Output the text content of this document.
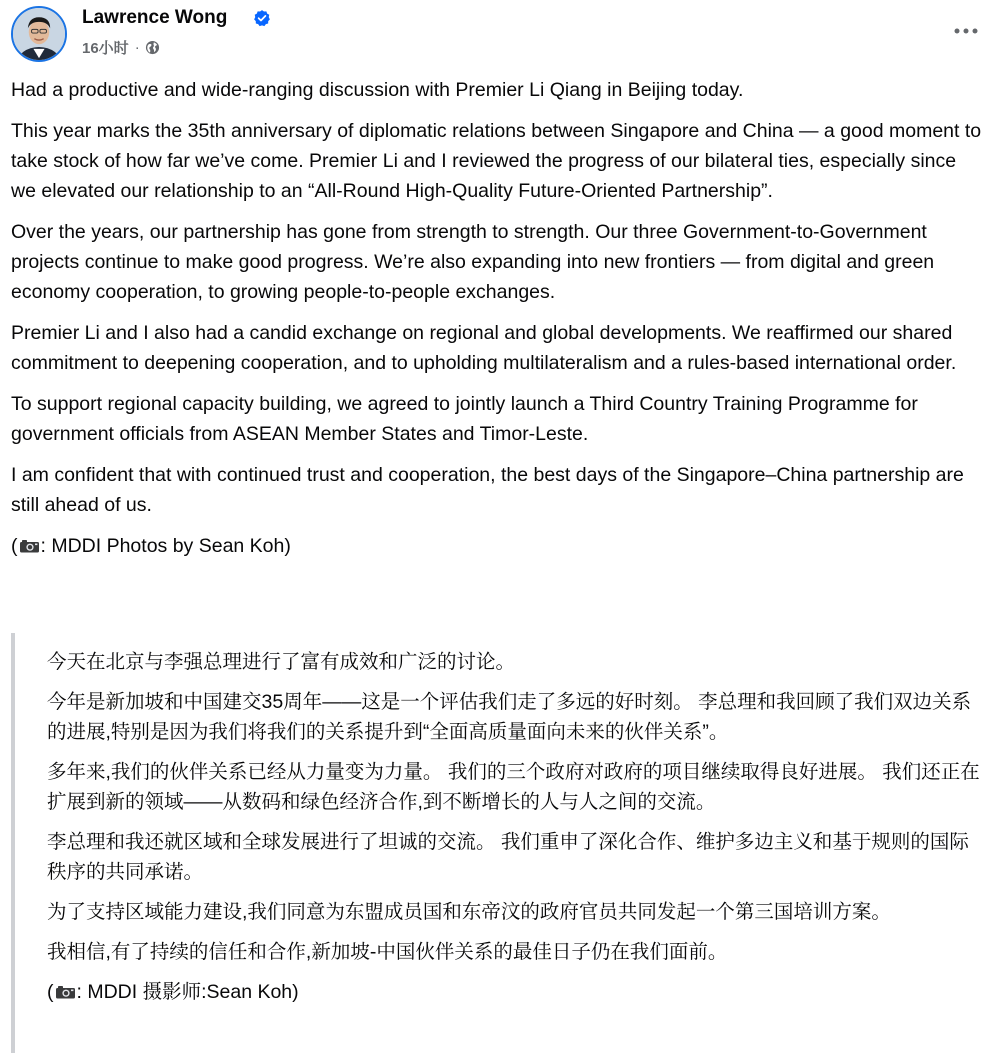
Lawrence Wong
16小时 ·

Had a productive and wide-ranging discussion with Premier Li Qiang in Beijing today.

This year marks the 35th anniversary of diplomatic relations between Singapore and China — a good moment to take stock of how far we’ve come. Premier Li and I reviewed the progress of our bilateral ties, especially since we elevated our relationship to an “All-Round High-Quality Future-Oriented Partnership”.

Over the years, our partnership has gone from strength to strength. Our three Government-to-Government projects continue to make good progress. We’re also expanding into new frontiers — from digital and green economy cooperation, to growing people-to-people exchanges.

Premier Li and I also had a candid exchange on regional and global developments. We reaffirmed our shared commitment to deepening cooperation, and to upholding multilateralism and a rules-based international order.

To support regional capacity building, we agreed to jointly launch a Third Country Training Programme for government officials from ASEAN Member States and Timor-Leste.

I am confident that with continued trust and cooperation, the best days of the Singapore–China partnership are still ahead of us.

( : MDDI Photos by Sean Koh)

今天在北京与李强总理进行了富有成效和广泛的讨论。

今年是新加坡和中国建交35周年——这是一个评估我们走了多远的好时刻。 李总理和我回顾了我们双边关系的进展,特别是因为我们将我们的关系提升到“全面高质量面向未来的伙伴关系”。

多年来,我们的伙伴关系已经从力量变为力量。 我们的三个政府对政府的项目继续取得良好进展。 我们还正在扩展到新的领域——从数码和绿色经济合作,到不断增长的人与人之间的交流。

李总理和我还就区域和全球发展进行了坦诚的交流。 我们重申了深化合作、维护多边主义和基于规则的国际秩序的共同承诺。

为了支持区域能力建设,我们同意为东盟成员国和东帝汶的政府官员共同发起一个第三国培训方案。

我相信,有了持续的信任和合作,新加坡-中国伙伴关系的最佳日子仍在我们面前。

( : MDDI 摄影师:Sean Koh)
